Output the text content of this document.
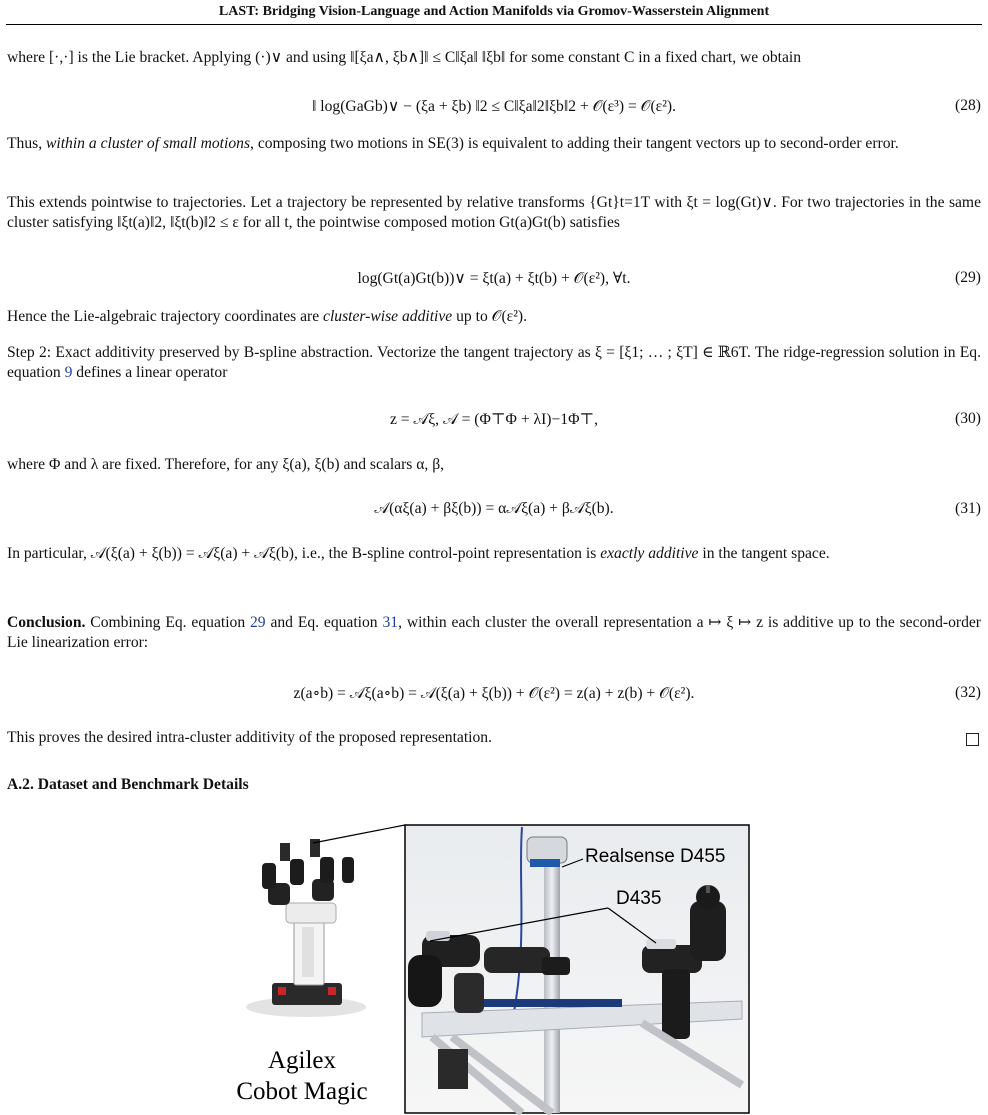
LAST: Bridging Vision-Language and Action Manifolds via Gromov-Wasserstein Alignment
where [·,·] is the Lie bracket. Applying (·)∨ and using ‖[ξa∧, ξb∧]‖ ≤ C‖ξa‖ ‖ξb‖ for some constant C in a fixed chart, we obtain
‖ log(GaGb)∨ − (ξa + ξb) ‖2 ≤ C‖ξa‖2‖ξb‖2 + 𝒪(ε³) = 𝒪(ε²).	(28)
Thus, within a cluster of small motions, composing two motions in SE(3) is equivalent to adding their tangent vectors up to second-order error.
This extends pointwise to trajectories. Let a trajectory be represented by relative transforms {Gt}t=1T with ξt = log(Gt)∨. For two trajectories in the same cluster satisfying ‖ξt(a)‖2, ‖ξt(b)‖2 ≤ ε for all t, the pointwise composed motion Gt(a)Gt(b) satisfies
log(Gt(a)Gt(b))∨ = ξt(a) + ξt(b) + 𝒪(ε²), ∀t.	(29)
Hence the Lie-algebraic trajectory coordinates are cluster-wise additive up to 𝒪(ε²).
Step 2: Exact additivity preserved by B-spline abstraction. Vectorize the tangent trajectory as ξ = [ξ1; … ; ξT] ∈ ℝ6T. The ridge-regression solution in Eq. equation 9 defines a linear operator
z = 𝒜ξ, 𝒜 = (Φ⊤Φ + λI)−1Φ⊤,	(30)
where Φ and λ are fixed. Therefore, for any ξ(a), ξ(b) and scalars α, β,
𝒜(αξ(a) + βξ(b)) = α𝒜ξ(a) + β𝒜ξ(b).	(31)
In particular, 𝒜(ξ(a) + ξ(b)) = 𝒜ξ(a) + 𝒜ξ(b), i.e., the B-spline control-point representation is exactly additive in the tangent space.
Conclusion. Combining Eq. equation 29 and Eq. equation 31, within each cluster the overall representation a ↦ ξ ↦ z is additive up to the second-order Lie linearization error:
z(a∘b) = 𝒜ξ(a∘b) = 𝒜(ξ(a) + ξ(b)) + 𝒪(ε²) = z(a) + z(b) + 𝒪(ε²).	(32)
This proves the desired intra-cluster additivity of the proposed representation.
A.2. Dataset and Benchmark Details
Realsense D455
D435
Agilex
Cobot Magic
